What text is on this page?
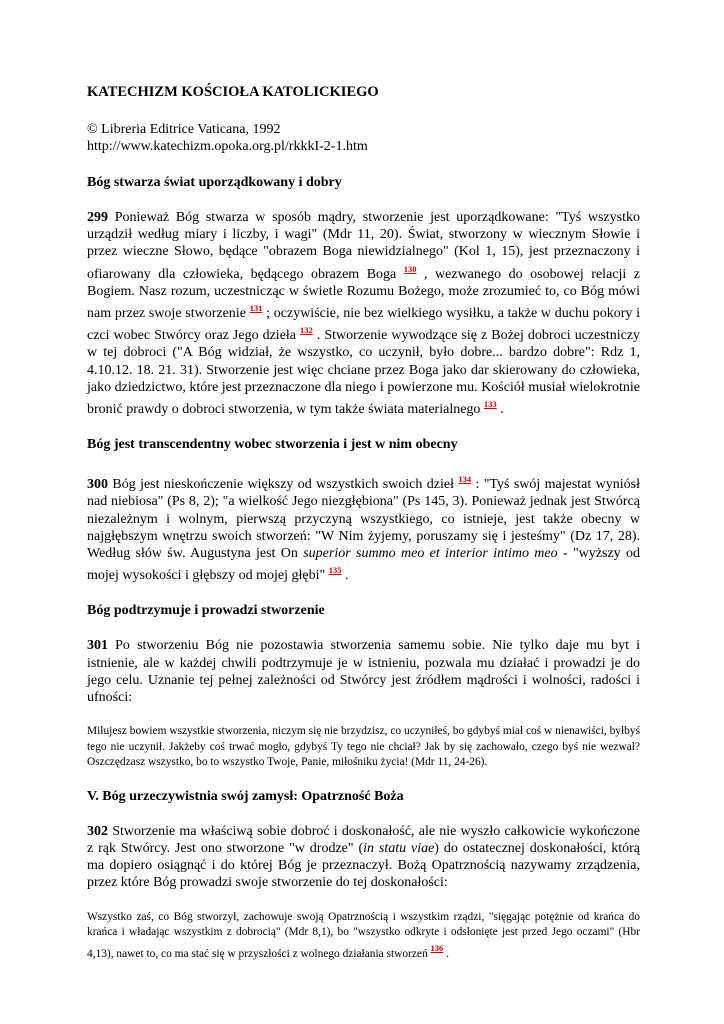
KATECHIZM KOŚCIOŁA KATOLICKIEGO
© Libreria Editrice Vaticana, 1992
http://www.katechizm.opoka.org.pl/rkkkI-2-1.htm
Bóg stwarza świat uporządkowany i dobry

299 Ponieważ Bóg stwarza w sposób mądry, stworzenie jest uporządkowane: "Tyś wszystko urządził według miary i liczby, i wagi" (Mdr 11, 20). Świat, stworzony w wiecznym Słowie i przez wieczne Słowo, będące "obrazem Boga niewidzialnego" (Kol 1, 15), jest przeznaczony i ofiarowany dla człowieka, będącego obrazem Boga $^{130}$ , wezwanego do osobowej relacji z Bogiem. Nasz rozum, uczestnicząc w świetle Rozumu Bożego, może zrozumieć to, co Bóg mówi nam przez swoje stworzenie $^{131}$ ; oczywiście, nie bez wielkiego wysiłku, a także w duchu pokory i czci wobec Stwórcy oraz Jego dzieła $^{132}$ . Stworzenie wywodzące się z Bożej dobroci uczestniczy w tej dobroci ("A Bóg widział, że wszystko, co uczynił, było dobre... bardzo dobre": Rdz 1, 4.10.12. 18. 21. 31). Stworzenie jest więc chciane przez Boga jako dar skierowany do człowieka, jako dziedzictwo, które jest przeznaczone dla niego i powierzone mu. Kościół musiał wielokrotnie bronić prawdy o dobroci stworzenia, w tym także świata materialnego $^{133}$ .

Bóg jest transcendentny wobec stworzenia i jest w nim obecny

300 Bóg jest nieskończenie większy od wszystkich swoich dzieł $^{134}$ : "Tyś swój majestat wyniósł nad niebiosa" (Ps 8, 2); "a wielkość Jego niezgłębiona" (Ps 145, 3). Ponieważ jednak jest Stwórcą niezależnym i wolnym, pierwszą przyczyną wszystkiego, co istnieje, jest także obecny w najgłębszym wnętrzu swoich stworzeń: "W Nim żyjemy, poruszamy się i jesteśmy" (Dz 17, 28). Według słów św. Augustyna jest On superior summo meo et interior intimo meo - "wyższy od mojej wysokości i głębszy od mojej głębi" $^{135}$ .

Bóg podtrzymuje i prowadzi stworzenie

301 Po stworzeniu Bóg nie pozostawia stworzenia samemu sobie. Nie tylko daje mu byt i istnienie, ale w każdej chwili podtrzymuje je w istnieniu, pozwala mu działać i prowadzi je do jego celu. Uznanie tej pełnej zależności od Stwórcy jest źródłem mądrości i wolności, radości i ufności:

Miłujesz bowiem wszystkie stworzenia, niczym się nie brzydzisz, co uczyniłeś, bo gdybyś miał coś w nienawiści, byłbyś tego nie uczynił. Jakżeby coś trwać mogło, gdybyś Ty tego nie chciał? Jak by się zachowało, czego byś nie wezwał? Oszczędzasz wszystko, bo to wszystko Twoje, Panie, miłośniku życia! (Mdr 11, 24-26).

V. Bóg urzeczywistnia swój zamysł: Opatrzność Boża

302 Stworzenie ma właściwą sobie dobroć i doskonałość, ale nie wyszło całkowicie wykończone z rąk Stwórcy. Jest ono stworzone "w drodze" (in statu viae) do ostatecznej doskonałości, którą ma dopiero osiągnąć i do której Bóg je przeznaczył. Bożą Opatrznością nazywamy zrządzenia, przez które Bóg prowadzi swoje stworzenie do tej doskonałości:

Wszystko zaś, co Bóg stworzył, zachowuje swoją Opatrznością i wszystkim rządzi, "sięgając potężnie od krańca do krańca i władając wszystkim z dobrocią" (Mdr 8,1), bo "wszystko odkryte i odsłonięte jest przed Jego oczami" (Hbr 4,13), nawet to, co ma stać się w przyszłości z wolnego działania stworzeń $^{136}$ .
